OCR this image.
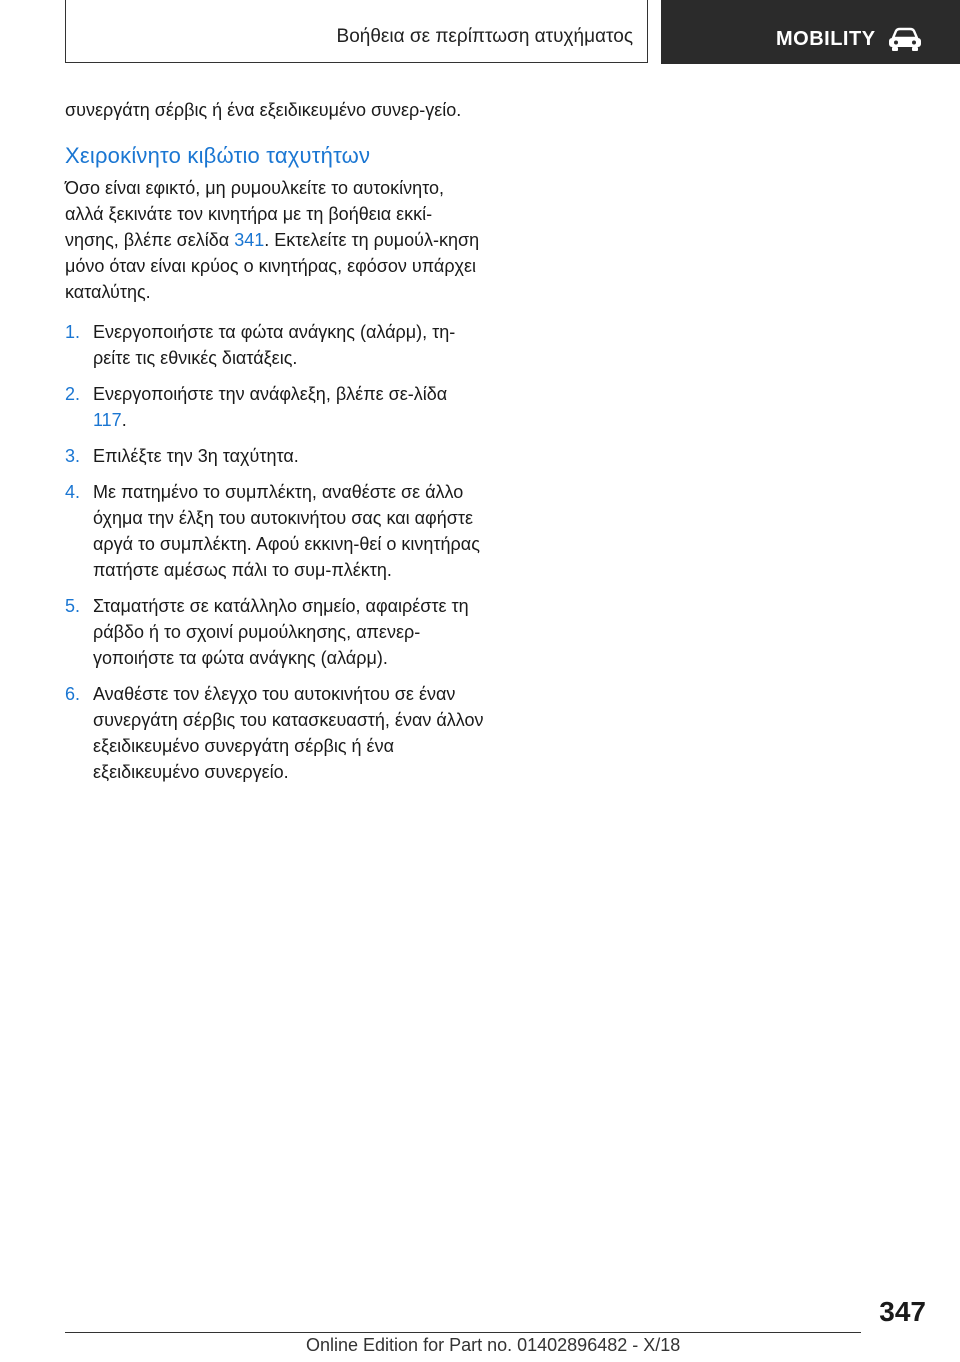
Βοήθεια σε περίπτωση ατυχήματος	MOBILITY

συνεργάτη σέρβις ή ένα εξειδικευμένο συνερ-γείο.

Χειροκίνητο κιβώτιο ταχυτήτων

Όσο είναι εφικτό, μη ρυμουλκείτε το αυτοκίνητο, αλλά ξεκινάτε τον κινητήρα με τη βοήθεια εκκί-νησης, βλέπε σελίδα 341. Εκτελείτε τη ρυμούλ-κηση μόνο όταν είναι κρύος ο κινητήρας, εφόσον υπάρχει καταλύτης.

1. Ενεργοποιήστε τα φώτα ανάγκης (αλάρμ), τη-ρείτε τις εθνικές διατάξεις.
2. Ενεργοποιήστε την ανάφλεξη, βλέπε σε-λίδα 117.
3. Επιλέξτε την 3η ταχύτητα.
4. Με πατημένο το συμπλέκτη, αναθέστε σε άλλο όχημα την έλξη του αυτοκινήτου σας και αφήστε αργά το συμπλέκτη. Αφού εκκινη-θεί ο κινητήρας πατήστε αμέσως πάλι το συμ-πλέκτη.
5. Σταματήστε σε κατάλληλο σημείο, αφαιρέστε τη ράβδο ή το σχοινί ρυμούλκησης, απενερ-γοποιήστε τα φώτα ανάγκης (αλάρμ).
6. Αναθέστε τον έλεγχο του αυτοκινήτου σε έναν συνεργάτη σέρβις του κατασκευαστή, έναν άλλον εξειδικευμένο συνεργάτη σέρβις ή ένα εξειδικευμένο συνεργείο.
347
Online Edition for Part no. 01402896482 - X/18
